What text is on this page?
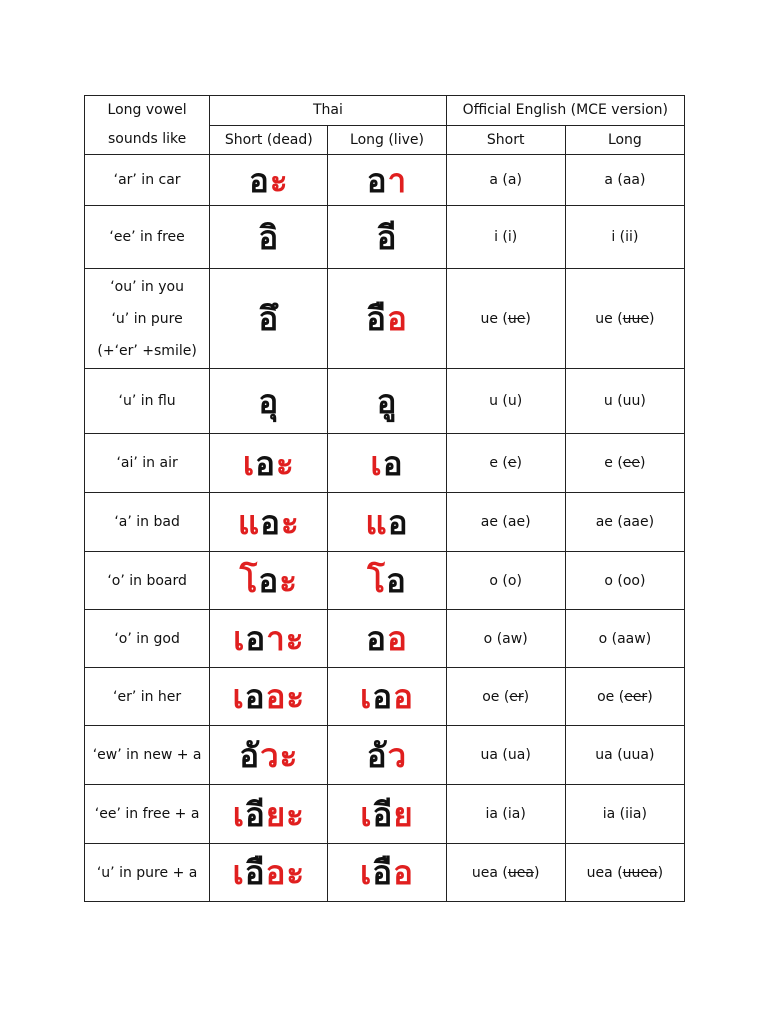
Long vowel
sounds like	Thai		Official English (MCE version)	
	Short (dead)	Long (live)	Short	Long

‘ar’ in car	อะ	อา	a (a)	a (aa)

‘ee’ in free	อิ	อี	i (i)	i (ii)

‘ou’ in you
‘u’ in pure
(+‘er’ +smile)	อึ	อือ	ue (ue)	ue (uue)

‘u’ in flu	อุ	อู	u (u)	u (uu)

‘ai’ in air	เอะ	เอ	e (e)	e (ee)

‘a’ in bad	แอะ	แอ	ae (ae)	ae (aae)

‘o’ in board	โอะ	โอ	o (o)	o (oo)

‘o’ in god	เอาะ	ออ	o (aw)	o (aaw)

‘er’ in her	เออะ	เออ	oe (er)	oe (eer)

‘ew’ in new + a	อัวะ	อัว	ua (ua)	ua (uua)

‘ee’ in free + a	เอียะ	เอีย	ia (ia)	ia (iia)

‘u’ in pure + a	เอือะ	เอือ	uea (uea)	uea (uuea)
